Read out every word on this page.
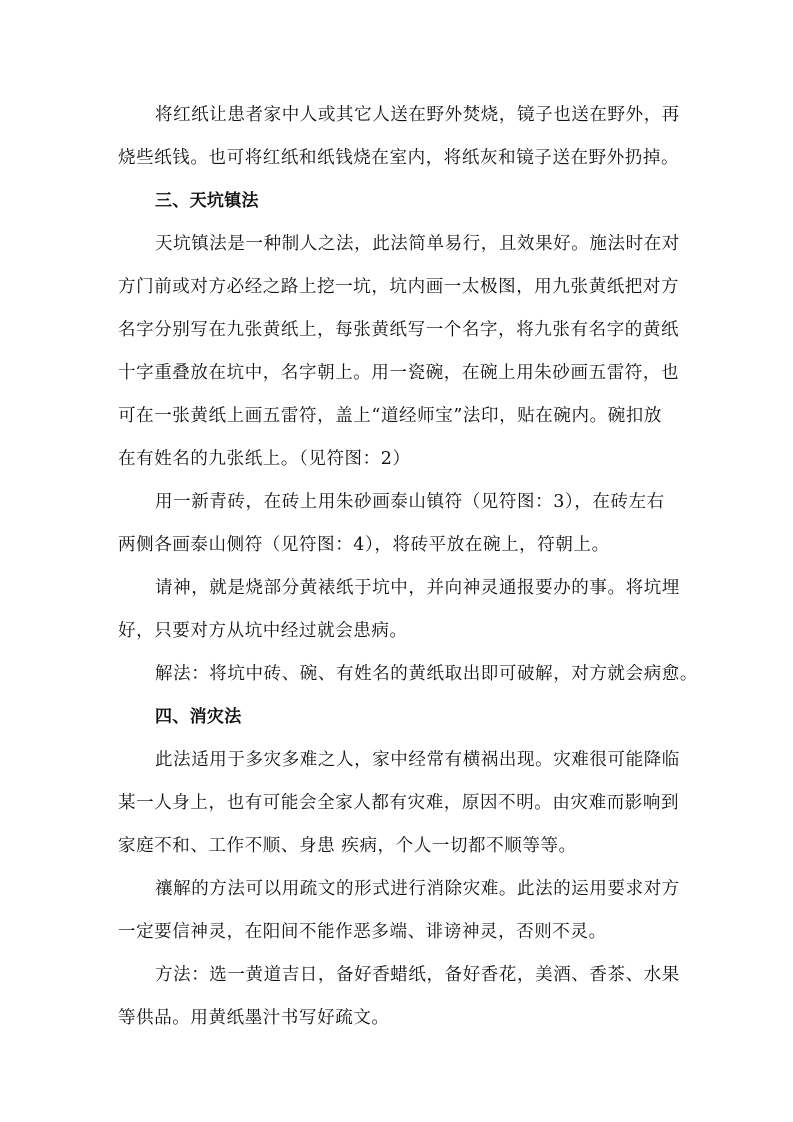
将红纸让患者家中人或其它人送在野外焚烧，镜子也送在野外，再
烧些纸钱。也可将红纸和纸钱烧在室内，将纸灰和镜子送在野外扔掉。
三、天坑镇法
天坑镇法是一种制人之法，此法简单易行，且效果好。施法时在对
方门前或对方必经之路上挖一坑，坑内画一太极图，用九张黄纸把对方
名字分别写在九张黄纸上，每张黄纸写一个名字，将九张有名字的黄纸
十字重叠放在坑中，名字朝上。用一瓷碗，在碗上用朱砂画五雷符，也
可在一张黄纸上画五雷符，盖上“道经师宝”法印，贴在碗内。碗扣放
在有姓名的九张纸上。（见符图：2）
用一新青砖，在砖上用朱砂画泰山镇符（见符图：3），在砖左右
两侧各画泰山侧符（见符图：4），将砖平放在碗上，符朝上。
请神，就是烧部分黄裱纸于坑中，并向神灵通报要办的事。将坑埋
好，只要对方从坑中经过就会患病。
解法：将坑中砖、碗、有姓名的黄纸取出即可破解，对方就会病愈。
四、消灾法
此法适用于多灾多难之人，家中经常有横祸出现。灾难很可能降临
某一人身上，也有可能会全家人都有灾难，原因不明。由灾难而影响到
家庭不和、工作不顺、身患 疾病，个人一切都不顺等等。
禳解的方法可以用疏文的形式进行消除灾难。此法的运用要求对方
一定要信神灵，在阳间不能作恶多端、诽谤神灵，否则不灵。
方法：选一黄道吉日，备好香蜡纸，备好香花，美酒、香茶、水果
等供品。用黄纸墨汁书写好疏文。
